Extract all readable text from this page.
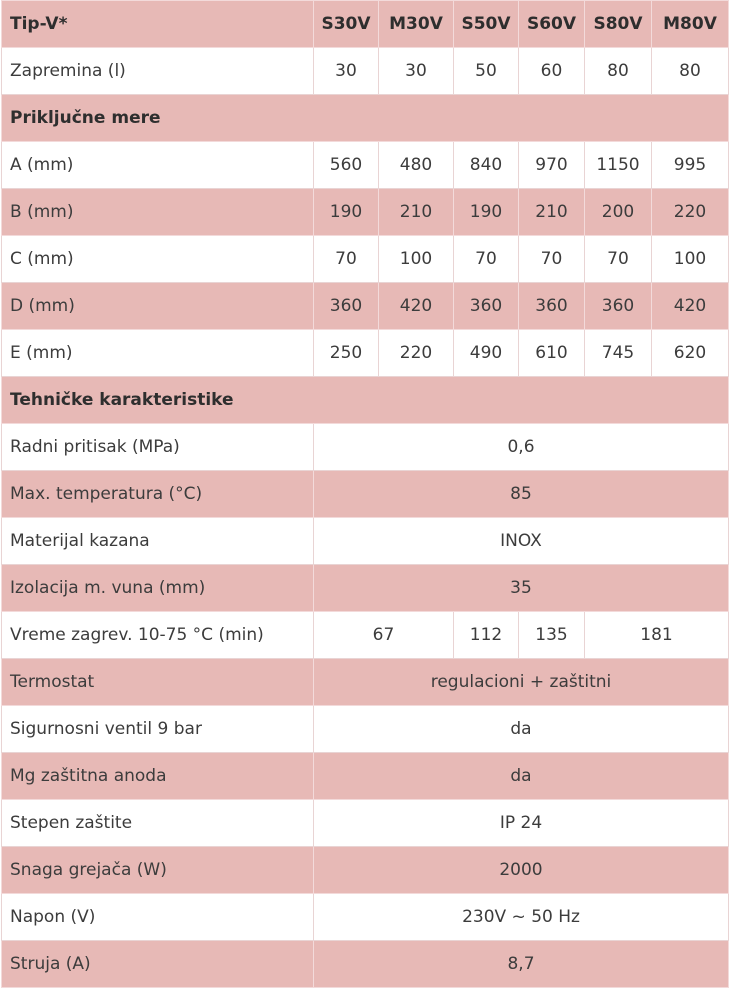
Tip-V*	S30V	M30V	S50V	S60V	S80V	M80V
Zapremina (l)	30	30	50	60	80	80
Priključne mere						
A (mm)	560	480	840	970	1150	995
B (mm)	190	210	190	210	200	220
C (mm)	70	100	70	70	70	100
D (mm)	360	420	360	360	360	420
E (mm)	250	220	490	610	745	620
Tehničke karakteristike						
Radni pritisak (MPa)	0,6					
Max. temperatura (°C)	85					
Materijal kazana	INOX					
Izolacija m. vuna (mm)	35					
Vreme zagrev. 10-75 °C (min)	67		112	135	181	
Termostat	regulacioni + zaštitni					
Sigurnosni ventil 9 bar	da					
Mg zaštitna anoda	da					
Stepen zaštite	IP 24					
Snaga grejača (W)	2000					
Napon (V)	230V ~ 50 Hz					
Struja (A)	8,7					
